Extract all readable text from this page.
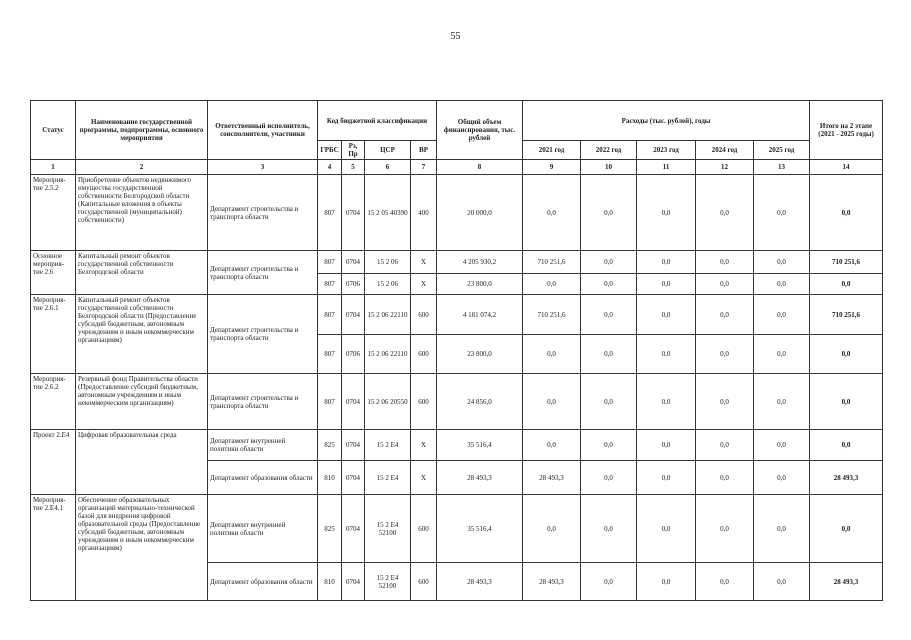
55
Статус	Наименование государственной программы, подпрограммы, основного мероприятия	Ответственный исполнитель, соисполнители, участники	Код бюджетной классификации				Общий объем финансирования, тыс. рублей	Расходы (тыс. рублей), годы					Итого на 2 этапе (2021 - 2025 годы)
			ГРБС	Рз, Пр	ЦСР	ВР		2021 год	2022 год	2023 год	2024 год	2025 год	
1	2	3	4	5	6	7	8	9	10	11	12	13	14
Мероприя-тие 2.5.2	Приобретение объектов недвижимого имущества государственной собственности Белгородской области (Капитальные вложения в объекты государственной (муниципальной) собственности)	Департамент строительства и транспорта области	807	0704	15 2 05 40390	400	20 000,0	0,0	0,0	0,0	0,0	0,0	0,0
Основное мероприя-тие 2.6	Капитальный ремонт объектов государственной собственности Белгородской области	Департамент строительства и транспорта области	807	0704	15 2 06	Х	4 205 930,2	710 251,6	0,0	0,0	0,0	0,0	710 251,6
			807	0706	15 2 06	Х	23 800,0	0,0	0,0	0,0	0,0	0,0	0,0
Мероприя-тие 2.6.1	Капитальный ремонт объектов государственной собственности Белгородской области (Предоставление субсидий бюджетным, автономным учреждениям и иным некоммерческим организациям)	Департамент строительства и транспорта области	807	0704	15 2 06 22110	600	4 181 074,2	710 251,6	0,0	0,0	0,0	0,0	710 251,6
			807	0706	15 2 06 22110	600	23 800,0	0,0	0,0	0,0	0,0	0,0	0,0
Мероприя-тие 2.6.2	Резервный фонд Правительства области (Предоставление субсидий бюджетным, автономным учреждениям и иным некоммерческим организациям)	Департамент строительства и транспорта области	807	0704	15 2 06 20550	600	24 856,0	0,0	0,0	0,0	0,0	0,0	0,0
Проект 2.Е4	Цифровая образовательная среда	Департамент внутренней политики области	825	0704	15 2 Е4	Х	35 516,4	0,0	0,0	0,0	0,0	0,0	0,0
		Департамент образования области	810	0704	15 2 Е4	Х	28 493,3	28 493,3	0,0	0,0	0,0	0,0	28 493,3
Мероприя-тие 2.Е4.1	Обеспечение образовательных организаций материально-технической базой для внедрения цифровой образовательной среды (Предоставление субсидий бюджетным, автономным учреждениям и иным некоммерческим организациям)	Департамент внутренней политики области	825	0704	15 2 Е4 52100	600	35 516,4	0,0	0,0	0,0	0,0	0,0	0,0
		Департамент образования области	810	0704	15 2 Е4 52100	600	28 493,3	28 493,3	0,0	0,0	0,0	0,0	28 493,3
